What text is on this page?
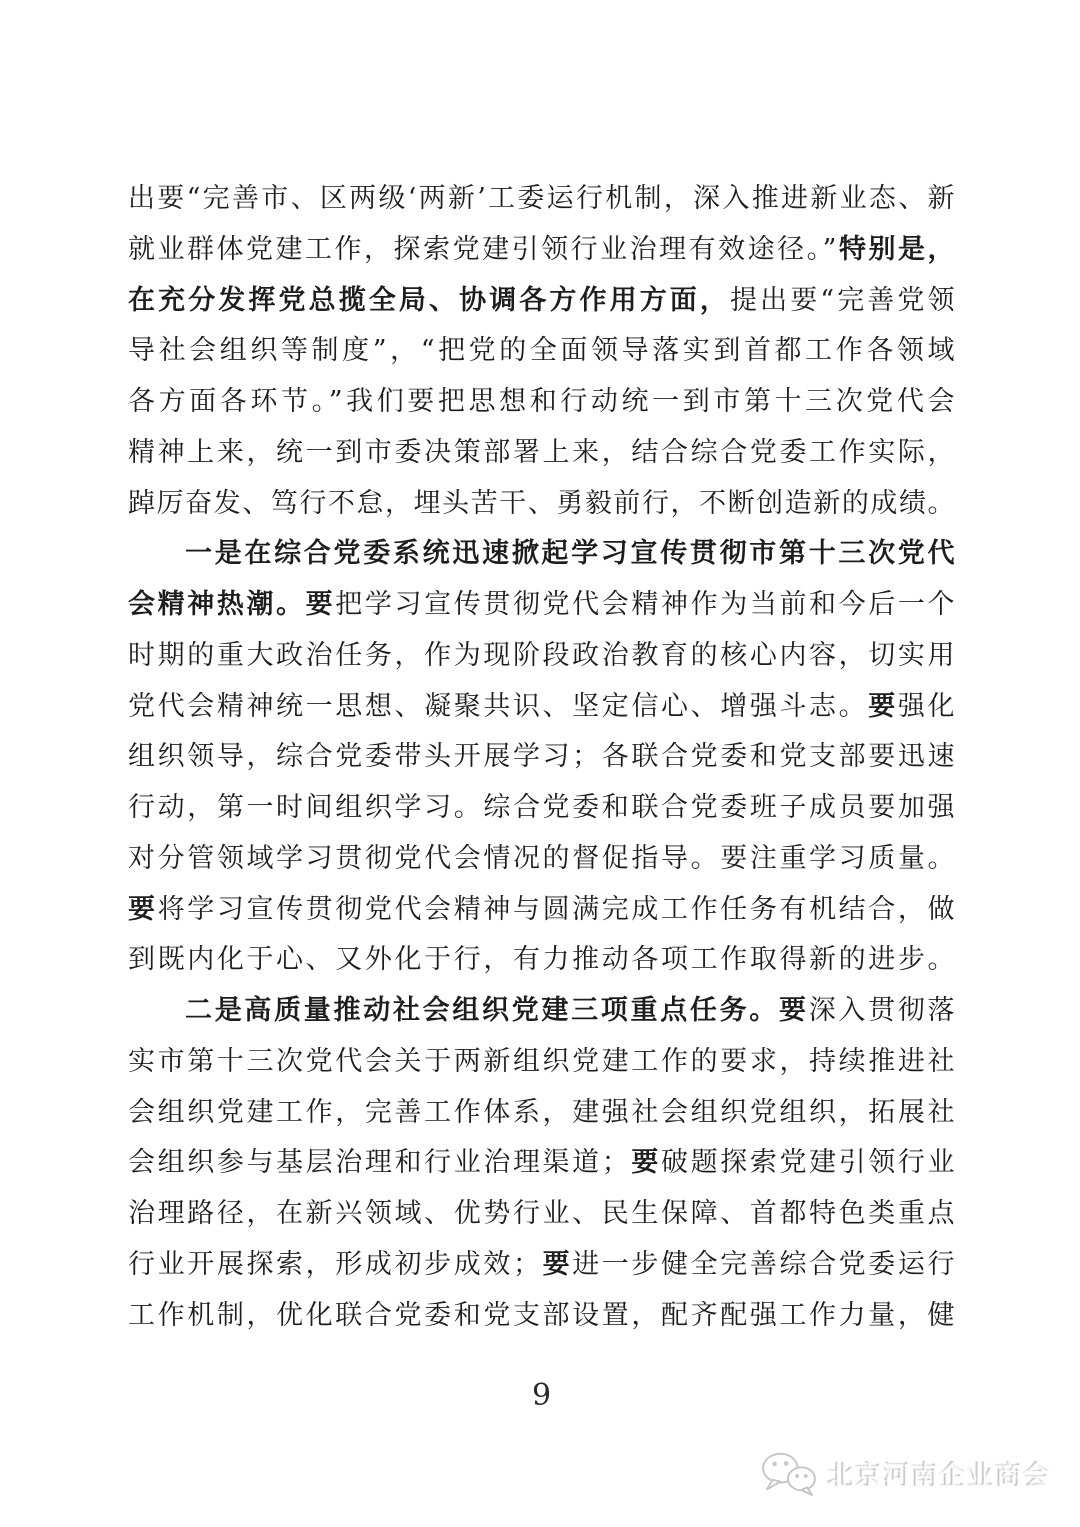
出要“完善市、区两级‘两新’工委运行机制，深入推进新业态、新
就业群体党建工作，探索党建引领行业治理有效途径。”特别是，
在充分发挥党总揽全局、协调各方作用方面，提出要“完善党领
导社会组织等制度”，“把党的全面领导落实到首都工作各领域
各方面各环节。”我们要把思想和行动统一到市第十三次党代会
精神上来，统一到市委决策部署上来，结合综合党委工作实际，
踔厉奋发、笃行不怠，埋头苦干、勇毅前行，不断创造新的成绩。
一是在综合党委系统迅速掀起学习宣传贯彻市第十三次党代
会精神热潮。要把学习宣传贯彻党代会精神作为当前和今后一个
时期的重大政治任务，作为现阶段政治教育的核心内容，切实用
党代会精神统一思想、凝聚共识、坚定信心、增强斗志。要强化
组织领导，综合党委带头开展学习；各联合党委和党支部要迅速
行动，第一时间组织学习。综合党委和联合党委班子成员要加强
对分管领域学习贯彻党代会情况的督促指导。要注重学习质量。
要将学习宣传贯彻党代会精神与圆满完成工作任务有机结合，做
到既内化于心、又外化于行，有力推动各项工作取得新的进步。
二是高质量推动社会组织党建三项重点任务。要深入贯彻落
实市第十三次党代会关于两新组织党建工作的要求，持续推进社
会组织党建工作，完善工作体系，建强社会组织党组织，拓展社
会组织参与基层治理和行业治理渠道；要破题探索党建引领行业
治理路径，在新兴领域、优势行业、民生保障、首都特色类重点
行业开展探索，形成初步成效；要进一步健全完善综合党委运行
工作机制，优化联合党委和党支部设置，配齐配强工作力量，健
9
北京河南企业商会
